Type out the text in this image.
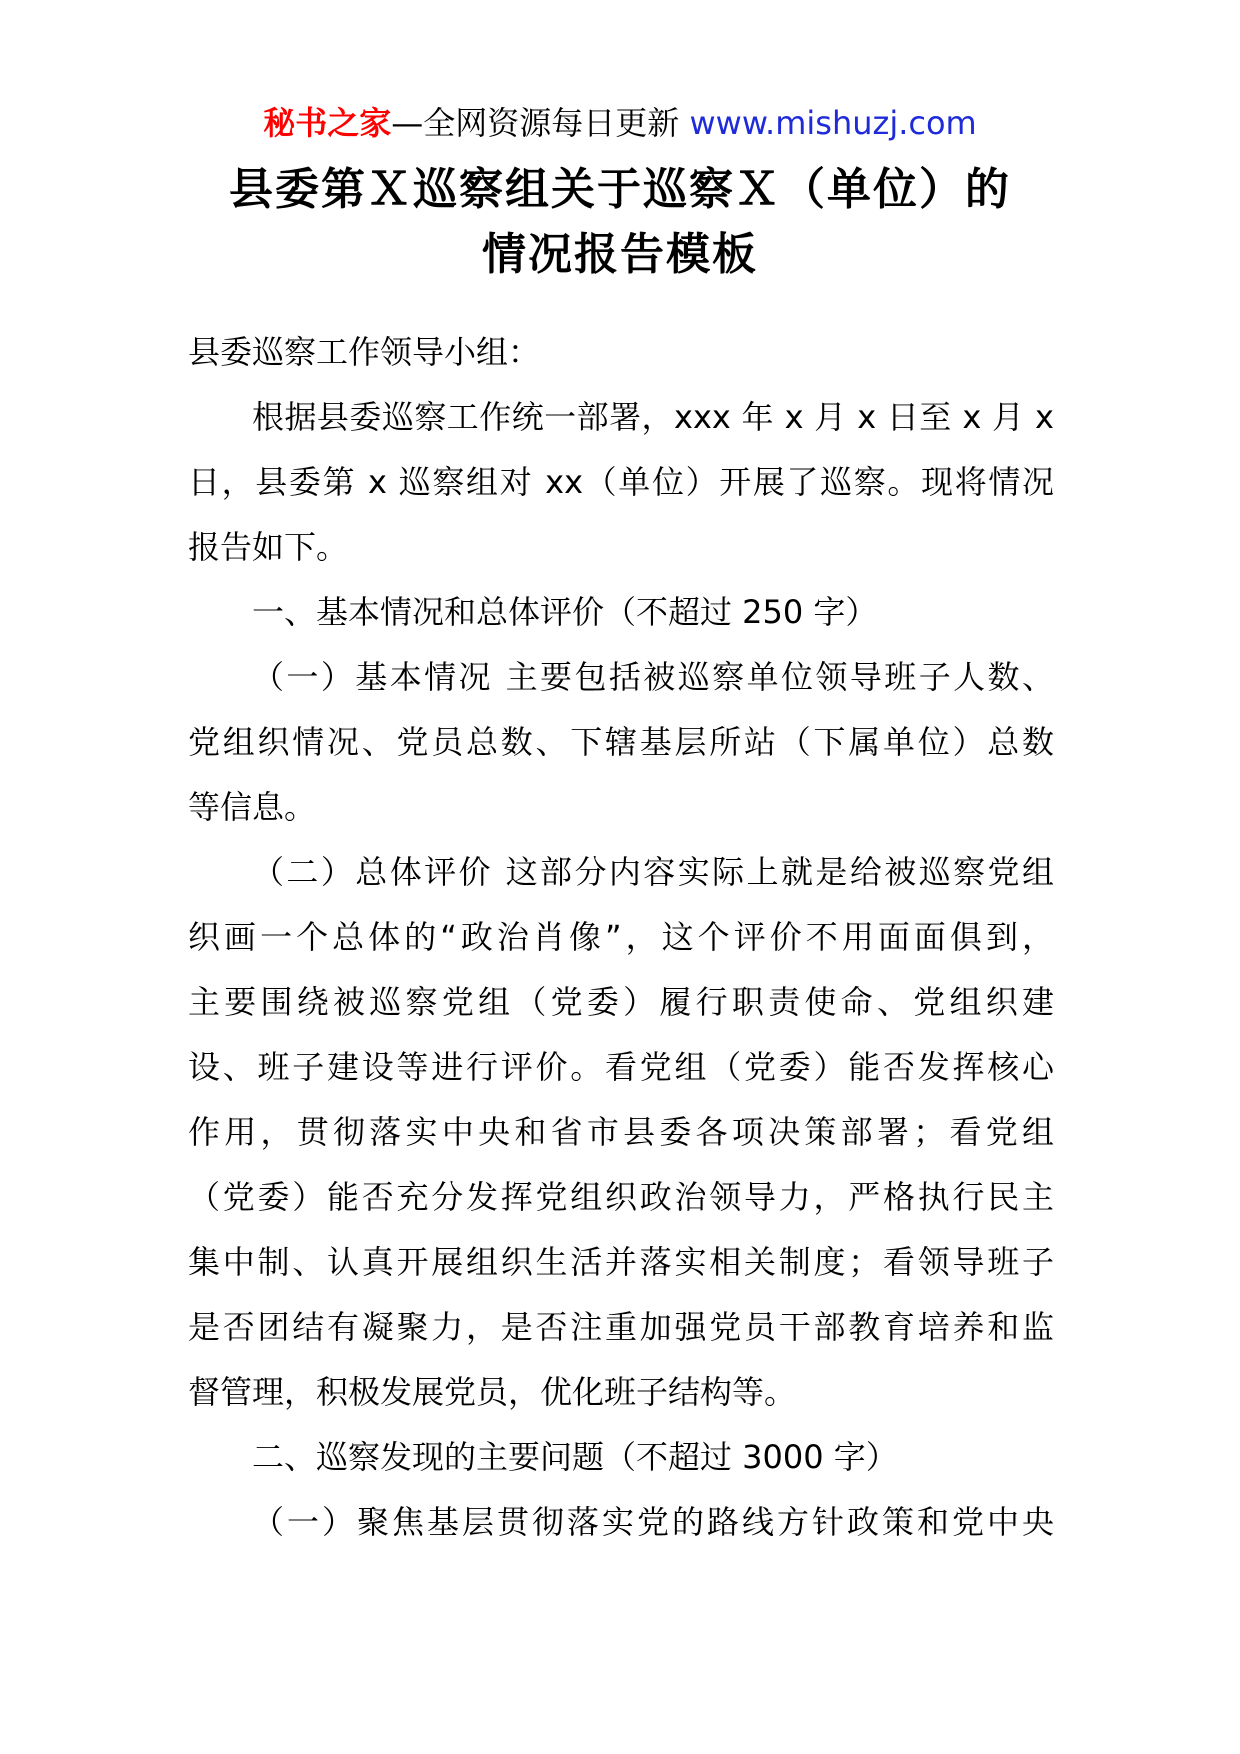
秘书之家—全网资源每日更新 www.mishuzj.com
县委第Ｘ巡察组关于巡察Ｘ（单位）的
情况报告模板
县委巡察工作领导小组：
根据县委巡察工作统一部署，xxx 年 x 月 x 日至 x 月 x
日，县委第 x 巡察组对 xx（单位）开展了巡察。现将情况
报告如下。
一、基本情况和总体评价（不超过 250 字）
（一）基本情况 主要包括被巡察单位领导班子人数、
党组织情况、党员总数、下辖基层所站（下属单位）总数
等信息。
（二）总体评价 这部分内容实际上就是给被巡察党组
织画一个总体的“政治肖像”，这个评价不用面面俱到，
主要围绕被巡察党组（党委）履行职责使命、党组织建
设、班子建设等进行评价。看党组（党委）能否发挥核心
作用，贯彻落实中央和省市县委各项决策部署；看党组
（党委）能否充分发挥党组织政治领导力，严格执行民主
集中制、认真开展组织生活并落实相关制度；看领导班子
是否团结有凝聚力，是否注重加强党员干部教育培养和监
督管理，积极发展党员，优化班子结构等。
二、巡察发现的主要问题（不超过 3000 字）
（一）聚焦基层贯彻落实党的路线方针政策和党中央
